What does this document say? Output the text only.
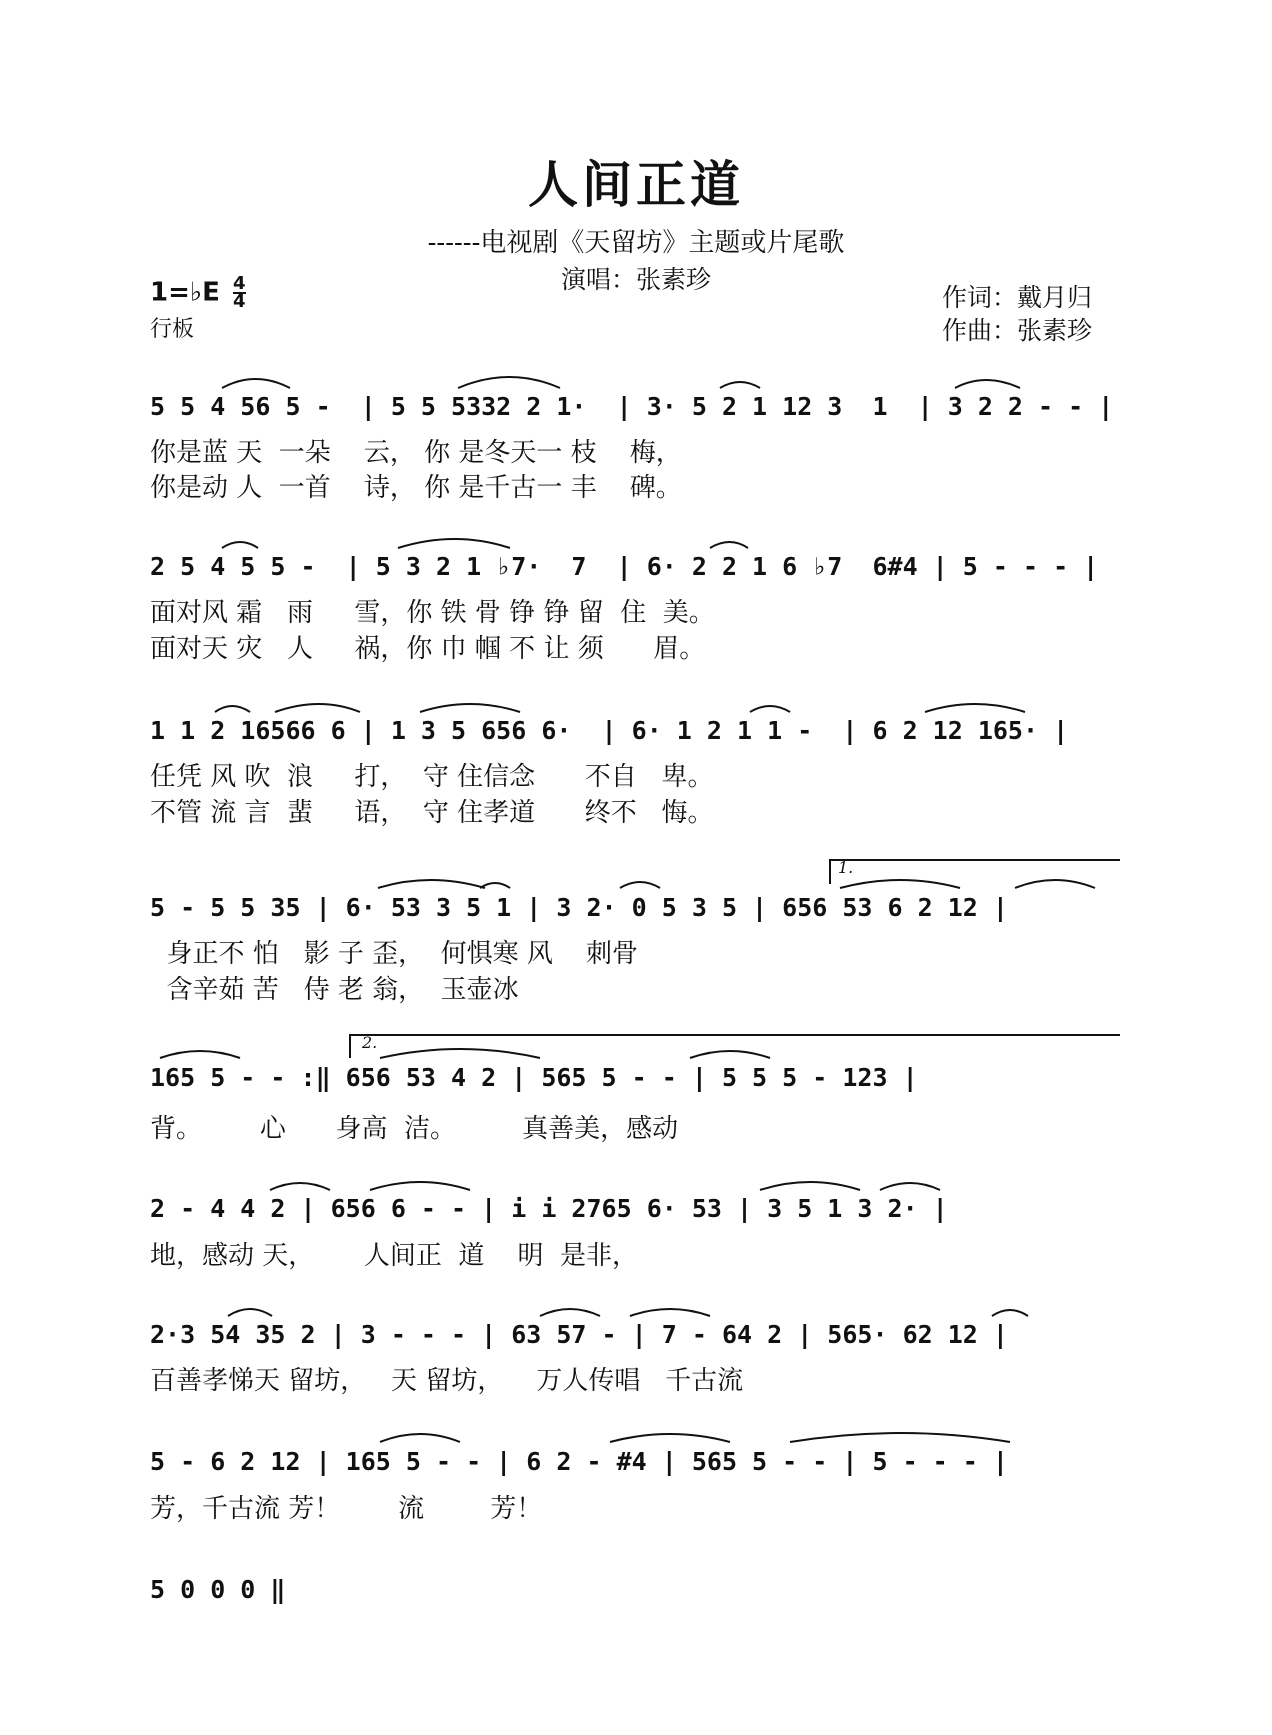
人间正道
------电视剧《天留坊》主题或片尾歌
演唱：张素珍
1=♭E $\frac{4}{4}$
行板
作词：戴月归
作曲：张素珍
5 5 4 56 5 -  | 5 5 5332 2 1·  | 3· 5 2 1 12 3  1  | 3 2 2 - - |
你是蓝 天  一朵    云， 你 是冬天一 枝    梅，
你是动 人  一首    诗， 你 是千古一 丰    碑。
2 5 4 5 5 -  | 5 3 2 1 ♭7·  7  | 6· 2 2 1 6 ♭7  6#4 | 5 - - - |
面对风 霜   雨     雪，你 铁 骨 铮 铮 留  住  美。
面对天 灾   人     祸，你 巾 帼 不 让 须      眉。
1 1 2 16566 6 | 1 3 5 656 6·  | 6· 1 2 1 1 -  | 6 2 12 165· |
任凭 风 吹  浪     打，  守 住信念      不自   卑。
不管 流 言  蜚     语，  守 住孝道      终不   悔。
1.
5 - 5 5 35 | 6· 53 3 5 1 | 3 2· 0 5 3 5 | 656 53 6 2 12 |
身正不 怕   影 子 歪，  何惧寒 风    刺骨
含辛茹 苦   侍 老 翁，  玉壶冰
2.
165 5 - - :‖ 656 53 4 2 | 565 5 - - | 5 5 5 - 123 |
背。       心      身高  洁。        真善美，感动
2 - 4 4 2 | 656 6 - - | i i 2765 6· 53 | 3 5 1 3 2· |
地，感动 天，      人间正  道    明  是非，
2·3 54 35 2 | 3 - - - | 63 57 - | 7 - 64 2 | 565· 62 12 |
百善孝悌天 留坊，   天 留坊，    万人传唱   千古流
5 - 6 2 12 | 165 5 - - | 6 2 - #4 | 565 5 - - | 5 - - - |
芳，千古流 芳！       流        芳！
5 0 0 0 ‖
